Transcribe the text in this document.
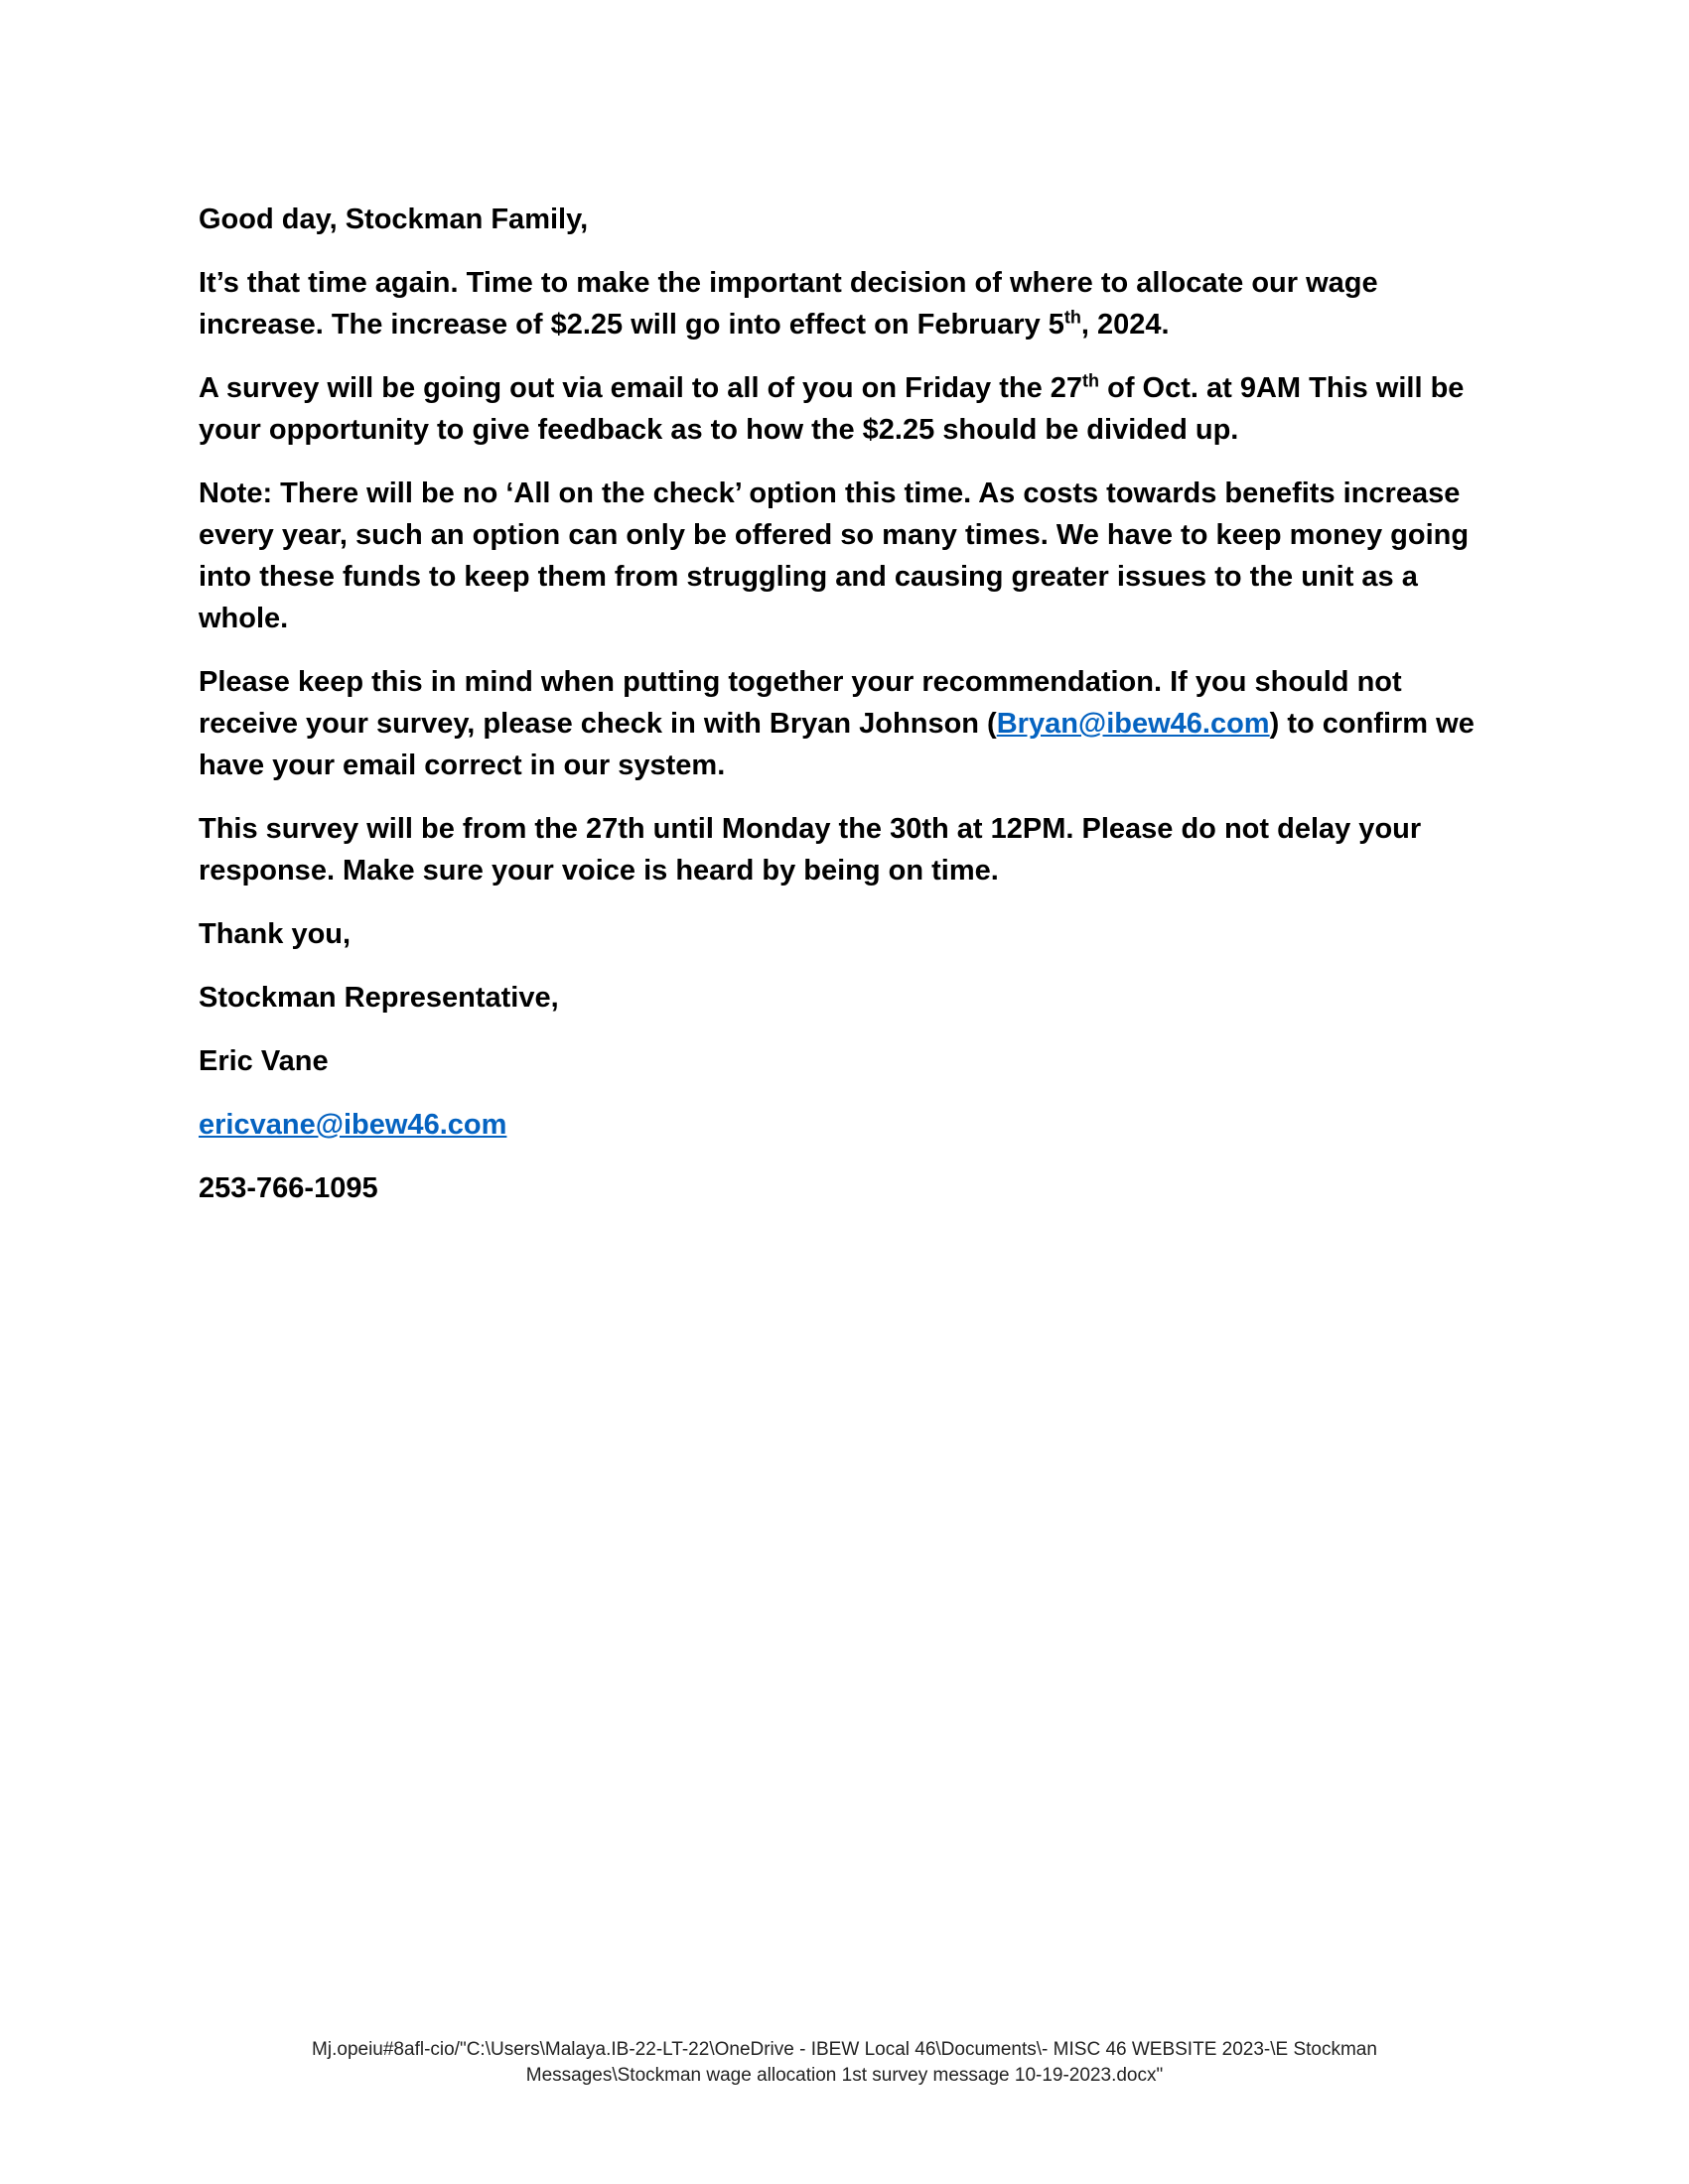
Good day, Stockman Family,

It’s that time again. Time to make the important decision of where to allocate our wage increase. The increase of $2.25 will go into effect on February 5th, 2024.

A survey will be going out via email to all of you on Friday the 27th of Oct. at 9AM This will be your opportunity to give feedback as to how the $2.25 should be divided up.

Note: There will be no ‘All on the check’ option this time. As costs towards benefits increase every year, such an option can only be offered so many times. We have to keep money going into these funds to keep them from struggling and causing greater issues to the unit as a whole.

Please keep this in mind when putting together your recommendation. If you should not receive your survey, please check in with Bryan Johnson (Bryan@ibew46.com) to confirm we have your email correct in our system.

This survey will be from the 27th until Monday the 30th at 12PM. Please do not delay your response. Make sure your voice is heard by being on time.

Thank you,

Stockman Representative,

Eric Vane

ericvane@ibew46.com

253-766-1095

Mj.opeiu#8afl-cio/"C:\Users\Malaya.IB-22-LT-22\OneDrive - IBEW Local 46\Documents\- MISC 46 WEBSITE 2023-\E Stockman
Messages\Stockman wage allocation 1st survey message 10-19-2023.docx"
